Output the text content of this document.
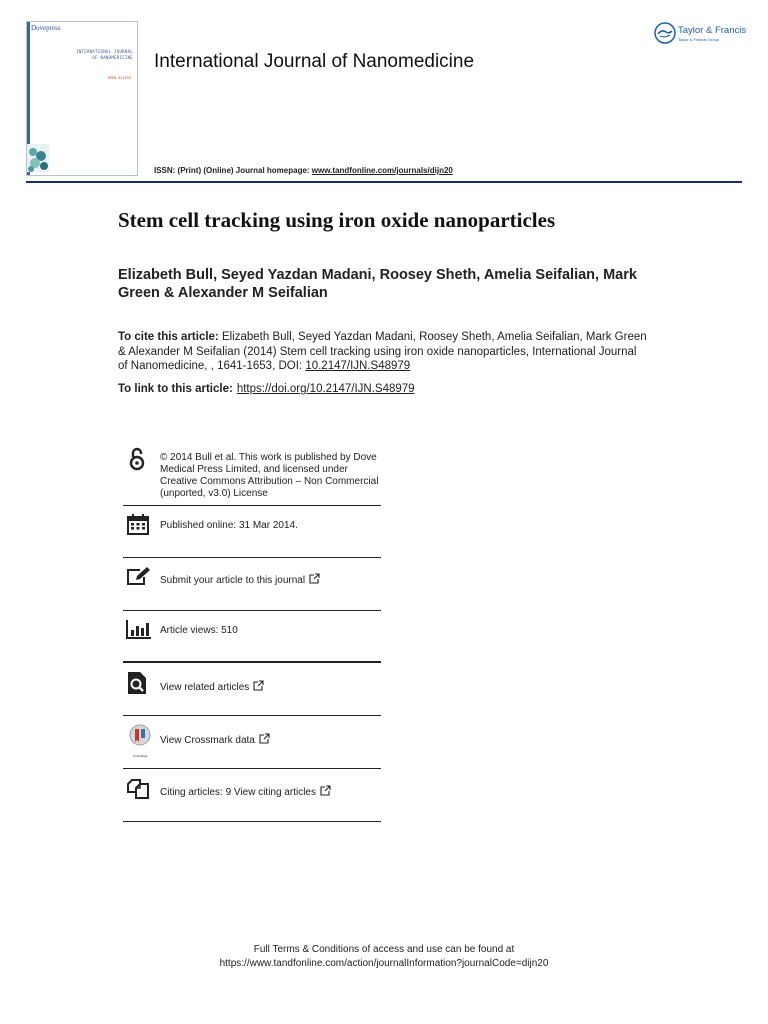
Dovepress
INTERNATIONAL JOURNAL
OF NANOMEDICINE
OPEN ACCESS
International Journal of Nanomedicine
ISSN: (Print) (Online) Journal homepage: www.tandfonline.com/journals/dijn20
Taylor & Francis
Taylor & Francis Group
Stem cell tracking using iron oxide nanoparticles
Elizabeth Bull, Seyed Yazdan Madani, Roosey Sheth, Amelia Seifalian, Mark Green & Alexander M Seifalian
To cite this article: Elizabeth Bull, Seyed Yazdan Madani, Roosey Sheth, Amelia Seifalian, Mark Green & Alexander M Seifalian (2014) Stem cell tracking using iron oxide nanoparticles, International Journal of Nanomedicine, , 1641-1653, DOI: 10.2147/IJN.S48979
To link to this article: https://doi.org/10.2147/IJN.S48979
© 2014 Bull et al. This work is published by Dove Medical Press Limited, and licensed under Creative Commons Attribution – Non Commercial (unported, v3.0) License
Published online: 31 Mar 2014.
Submit your article to this journal
Article views: 510
View related articles
CrossMark
View Crossmark data
Citing articles: 9 View citing articles
Full Terms & Conditions of access and use can be found at
https://www.tandfonline.com/action/journalInformation?journalCode=dijn20
